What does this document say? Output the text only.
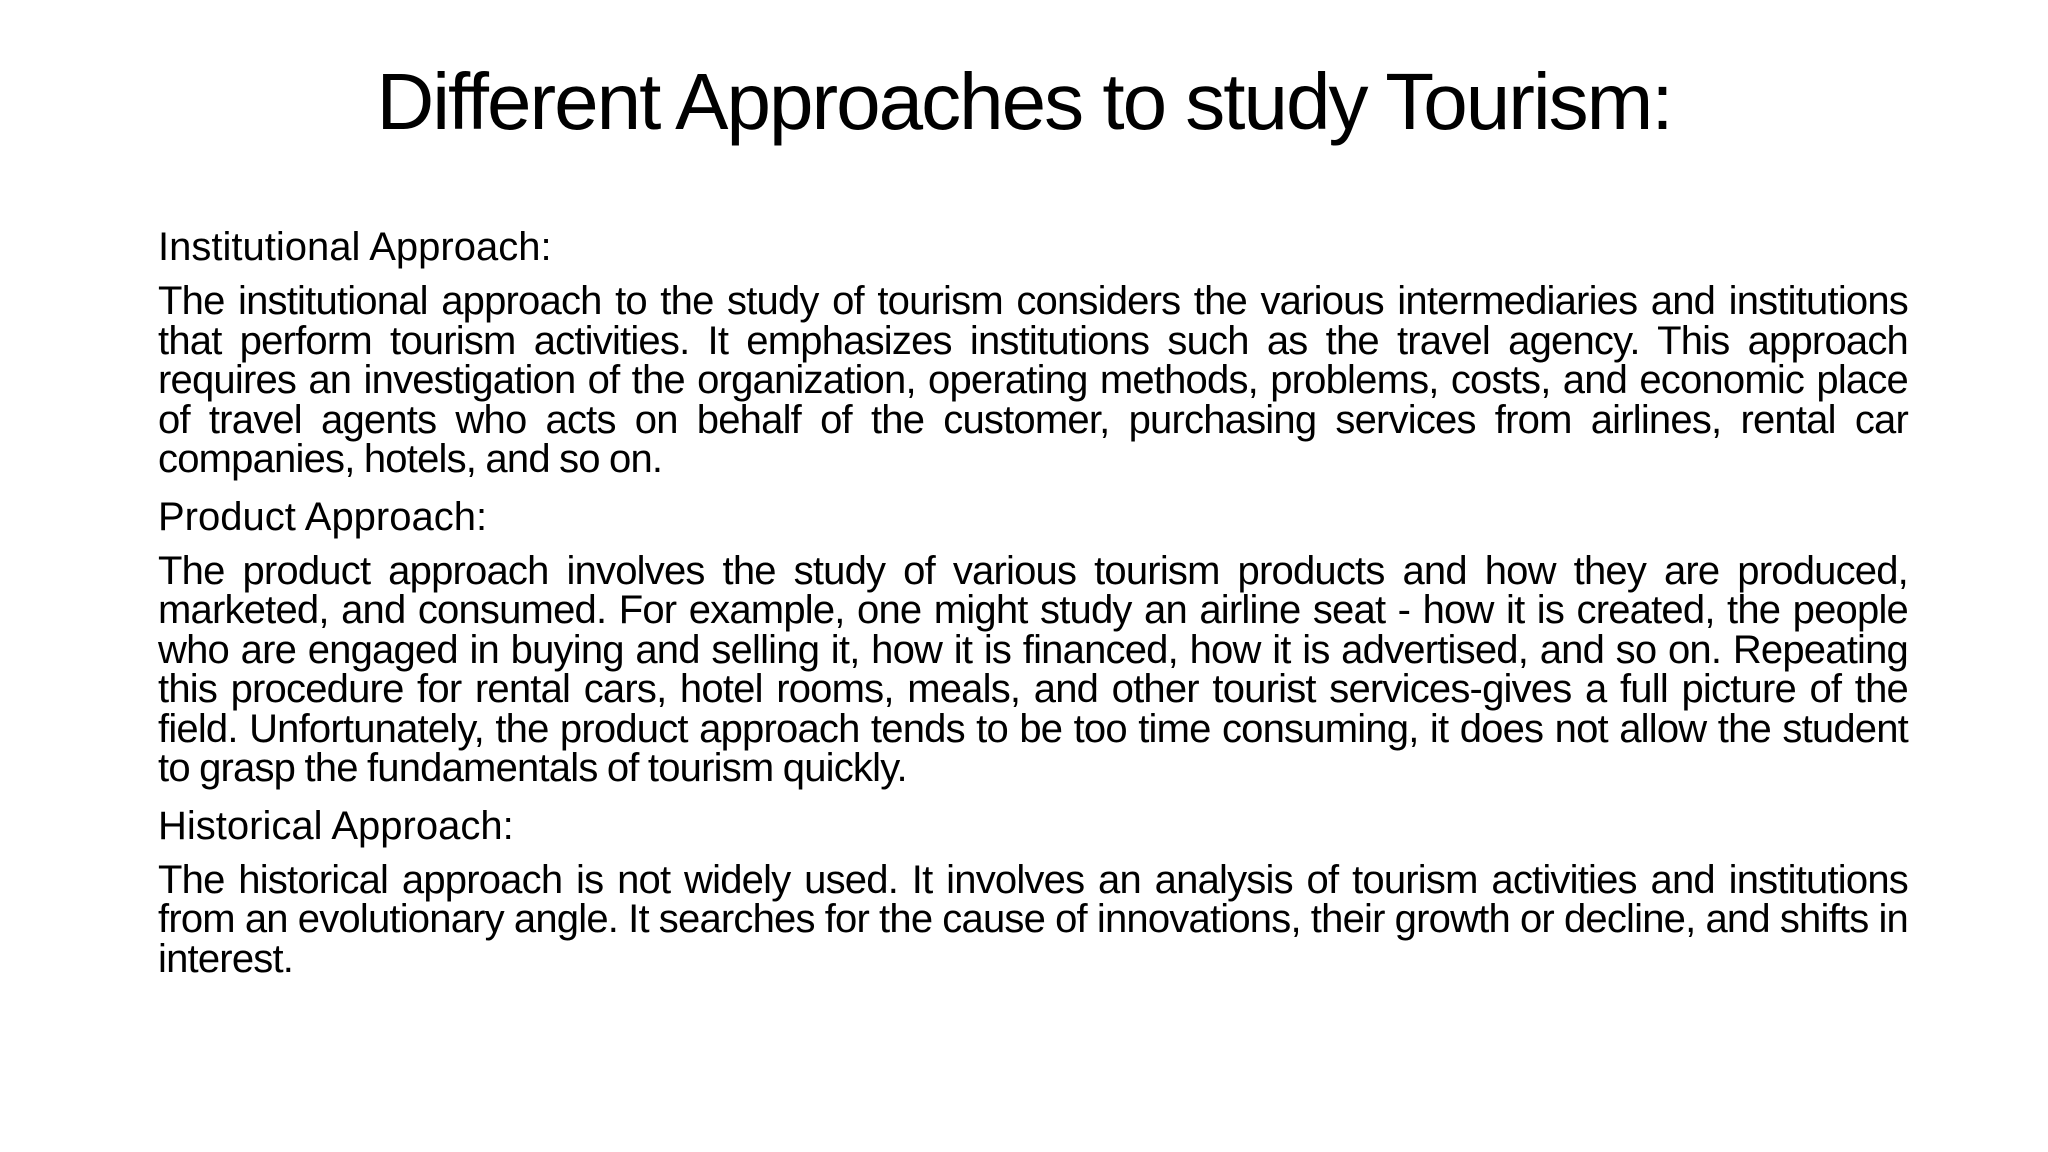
Different Approaches to study Tourism:

Institutional Approach:

The institutional approach to the study of tourism considers the various intermediaries and institutions that perform tourism activities. It emphasizes institutions such as the travel agency. This approach requires an investigation of the organization, operating methods, problems, costs, and economic place of travel agents who acts on behalf of the customer, purchasing services from airlines, rental car companies, hotels, and so on.

Product Approach:

The product approach involves the study of various tourism products and how they are produced, marketed, and consumed. For example, one might study an airline seat - how it is created, the people who are engaged in buying and selling it, how it is financed, how it is advertised, and so on. Repeating this procedure for rental cars, hotel rooms, meals, and other tourist services-gives a full picture of the field. Unfortunately, the product approach tends to be too time consuming, it does not allow the student to grasp the fundamentals of tourism quickly.

Historical Approach:

The historical approach is not widely used. It involves an analysis of tourism activities and institutions from an evolutionary angle. It searches for the cause of innovations, their growth or decline, and shifts in interest.
